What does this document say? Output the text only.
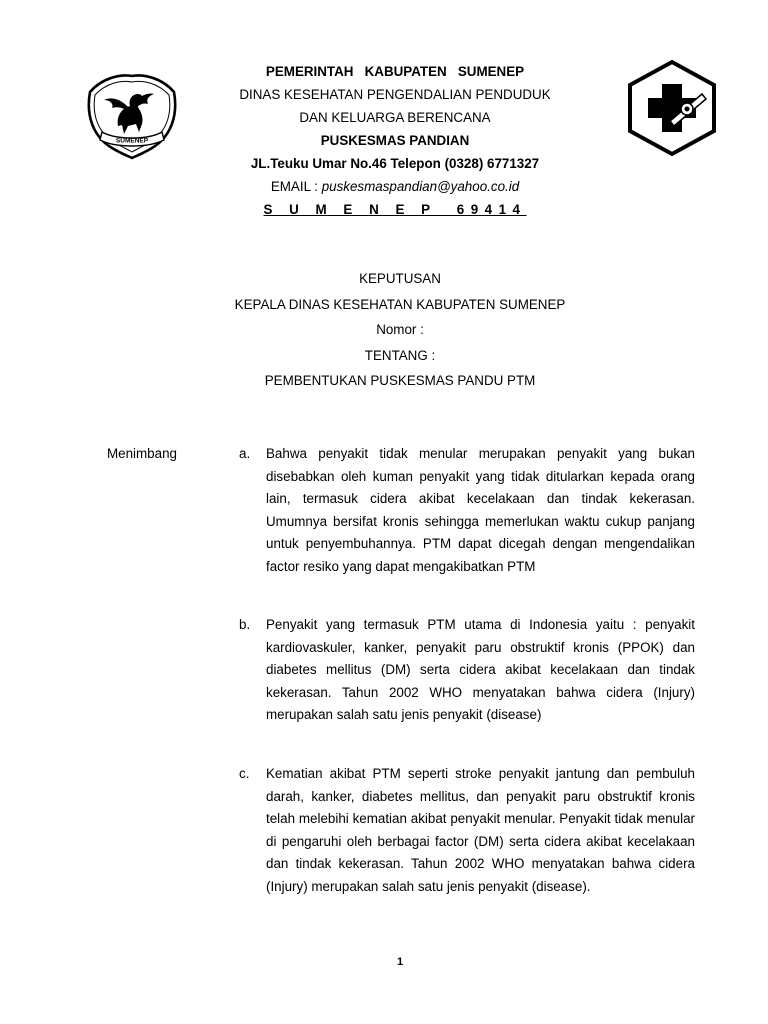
SUMENEP
PEMERINTAH   KABUPATEN   SUMENEP
DINAS KESEHATAN PENGENDALIAN PENDUDUK
DAN KELUARGA BERENCANA
PUSKESMAS PANDIAN
JL.Teuku Umar No.46 Telepon (0328) 6771327
EMAIL : puskesmaspandian@yahoo.co.id
S U M E N E P  69414
KEPUTUSAN
KEPALA DINAS KESEHATAN KABUPATEN SUMENEP
Nomor :
TENTANG :
PEMBENTUKAN PUSKESMAS PANDU PTM
Menimbang	a. Bahwa penyakit tidak menular merupakan penyakit yang bukan disebabkan oleh kuman penyakit yang tidak ditularkan kepada orang lain, termasuk cidera akibat kecelakaan dan tindak kekerasan. Umumnya bersifat kronis sehingga memerlukan waktu cukup panjang untuk penyembuhannya. PTM dapat dicegah dengan mengendalikan factor resiko yang dapat mengakibatkan PTM
b. Penyakit yang termasuk PTM utama di Indonesia yaitu : penyakit kardiovaskuler, kanker, penyakit paru obstruktif kronis (PPOK) dan diabetes mellitus (DM) serta cidera akibat kecelakaan dan tindak kekerasan. Tahun 2002 WHO menyatakan bahwa cidera (Injury) merupakan salah satu jenis penyakit (disease)
c. Kematian akibat PTM seperti stroke penyakit jantung dan pembuluh darah, kanker, diabetes mellitus, dan penyakit paru obstruktif kronis telah melebihi kematian akibat penyakit menular. Penyakit tidak menular di pengaruhi oleh berbagai factor (DM) serta cidera akibat kecelakaan dan tindak kekerasan. Tahun 2002 WHO menyatakan bahwa cidera (Injury) merupakan salah satu jenis penyakit (disease).
1
